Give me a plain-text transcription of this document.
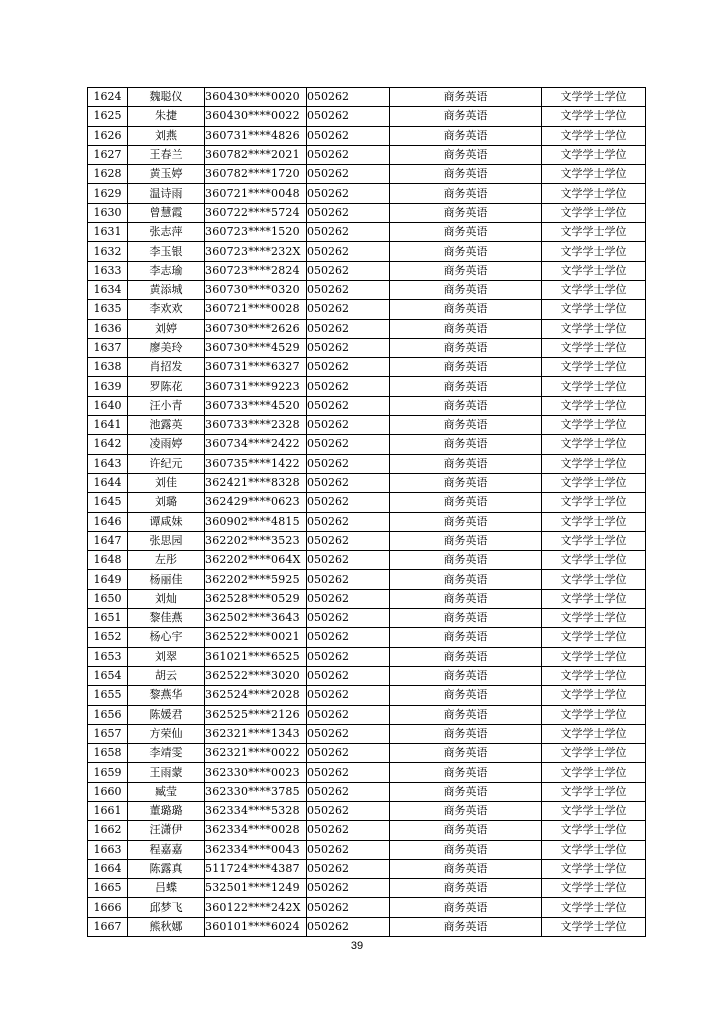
1624	魏聪仪	360430****0020	050262	商务英语	文学学士学位
1625	朱捷	360430****0022	050262	商务英语	文学学士学位
1626	刘燕	360731****4826	050262	商务英语	文学学士学位
1627	王春兰	360782****2021	050262	商务英语	文学学士学位
1628	黄玉婷	360782****1720	050262	商务英语	文学学士学位
1629	温诗雨	360721****0048	050262	商务英语	文学学士学位
1630	曾慧霞	360722****5724	050262	商务英语	文学学士学位
1631	张志萍	360723****1520	050262	商务英语	文学学士学位
1632	李玉银	360723****232X	050262	商务英语	文学学士学位
1633	李志瑜	360723****2824	050262	商务英语	文学学士学位
1634	黄添城	360730****0320	050262	商务英语	文学学士学位
1635	李欢欢	360721****0028	050262	商务英语	文学学士学位
1636	刘婷	360730****2626	050262	商务英语	文学学士学位
1637	廖美玲	360730****4529	050262	商务英语	文学学士学位
1638	肖招发	360731****6327	050262	商务英语	文学学士学位
1639	罗陈花	360731****9223	050262	商务英语	文学学士学位
1640	汪小青	360733****4520	050262	商务英语	文学学士学位
1641	池露英	360733****2328	050262	商务英语	文学学士学位
1642	凌雨婷	360734****2422	050262	商务英语	文学学士学位
1643	许纪元	360735****1422	050262	商务英语	文学学士学位
1644	刘佳	362421****8328	050262	商务英语	文学学士学位
1645	刘璐	362429****0623	050262	商务英语	文学学士学位
1646	谭咸妹	360902****4815	050262	商务英语	文学学士学位
1647	张思园	362202****3523	050262	商务英语	文学学士学位
1648	左彤	362202****064X	050262	商务英语	文学学士学位
1649	杨丽佳	362202****5925	050262	商务英语	文学学士学位
1650	刘灿	362528****0529	050262	商务英语	文学学士学位
1651	黎佳燕	362502****3643	050262	商务英语	文学学士学位
1652	杨心宇	362522****0021	050262	商务英语	文学学士学位
1653	刘翠	361021****6525	050262	商务英语	文学学士学位
1654	胡云	362522****3020	050262	商务英语	文学学士学位
1655	黎燕华	362524****2028	050262	商务英语	文学学士学位
1656	陈媛君	362525****2126	050262	商务英语	文学学士学位
1657	方荣仙	362321****1343	050262	商务英语	文学学士学位
1658	李靖雯	362321****0022	050262	商务英语	文学学士学位
1659	王雨蒙	362330****0023	050262	商务英语	文学学士学位
1660	臧莹	362330****3785	050262	商务英语	文学学士学位
1661	董璐璐	362334****5328	050262	商务英语	文学学士学位
1662	汪潇伊	362334****0028	050262	商务英语	文学学士学位
1663	程嘉嘉	362334****0043	050262	商务英语	文学学士学位
1664	陈露真	511724****4387	050262	商务英语	文学学士学位
1665	吕蝶	532501****1249	050262	商务英语	文学学士学位
1666	邱梦飞	360122****242X	050262	商务英语	文学学士学位
1667	熊秋娜	360101****6024	050262	商务英语	文学学士学位
39
